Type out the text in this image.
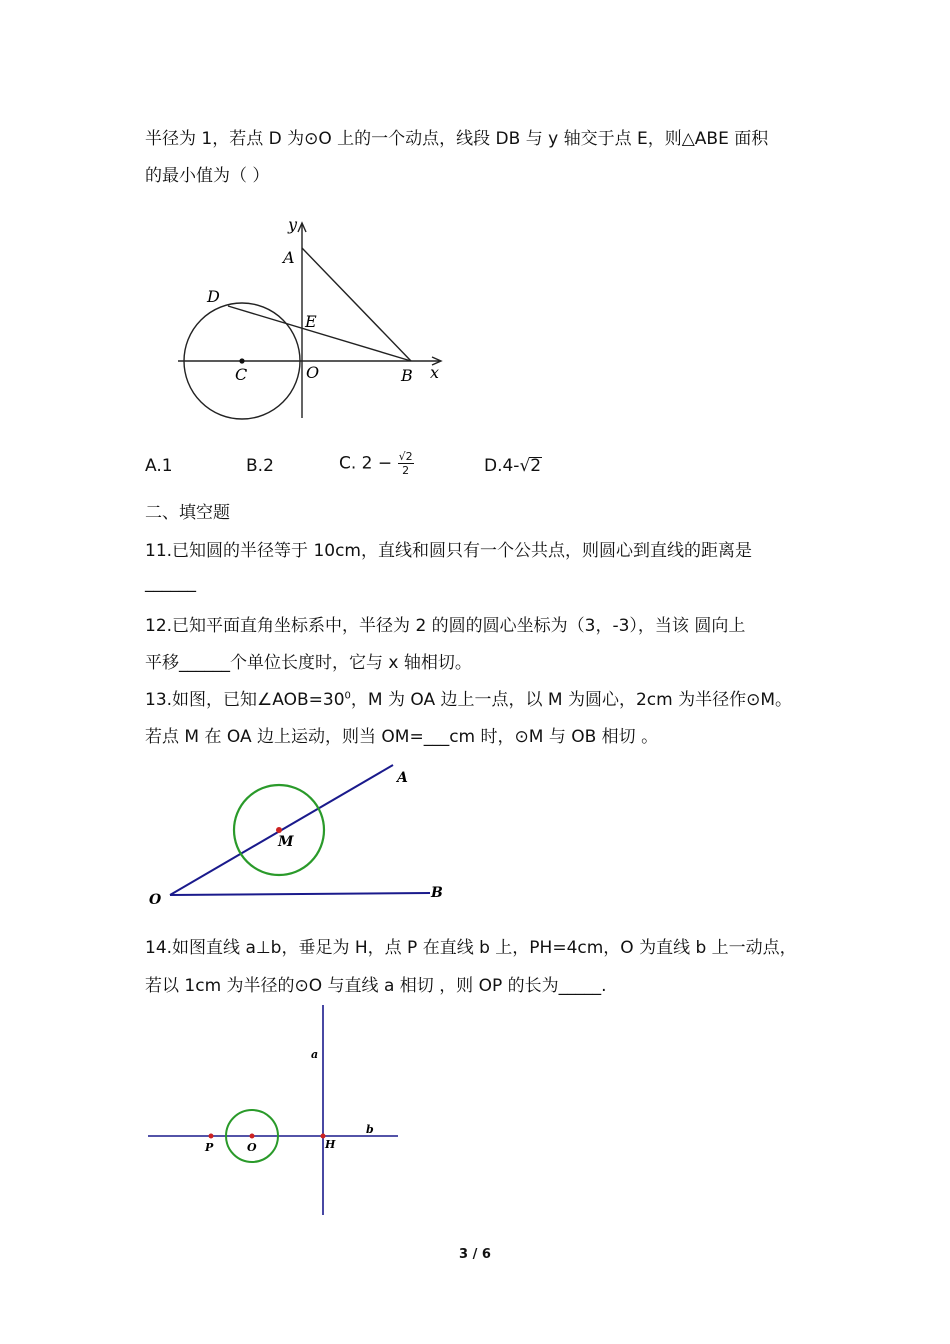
半径为 1，若点 D 为⊙O 上的一个动点，线段 DB 与 y 轴交于点 E，则△ABE 面积
的最小值为（ ）
y
A
D
E
C	O	B x
A.1	B.2	C. $2 - \frac{√2}{2}$	D.4-√2
二、填空题
11.已知圆的半径等于 10cm，直线和圆只有一个公共点，则圆心到直线的距离是
______
12.已知平面直角坐标系中，半径为 2 的圆的圆心坐标为（3，-3），当该 圆向上
平移______个单位长度时，它与 x 轴相切。
13.如图，已知$\angle AOB=30^0$，M 为 OA 边上一点，以 M 为圆心，2cm 为半径作⊙M。
若点 M 在 OA 边上运动，则当 OM=___cm 时，⊙M 与 OB 相切 。
A
M
O	B
14.如图直线 a⊥b，垂足为 H，点 P 在直线 b 上，PH=4cm，O 为直线 b 上一动点，
若以 1cm 为半径的⊙O 与直线 a 相切 ，则 OP 的长为_____.
a
b
P	O	H
3 / 6
